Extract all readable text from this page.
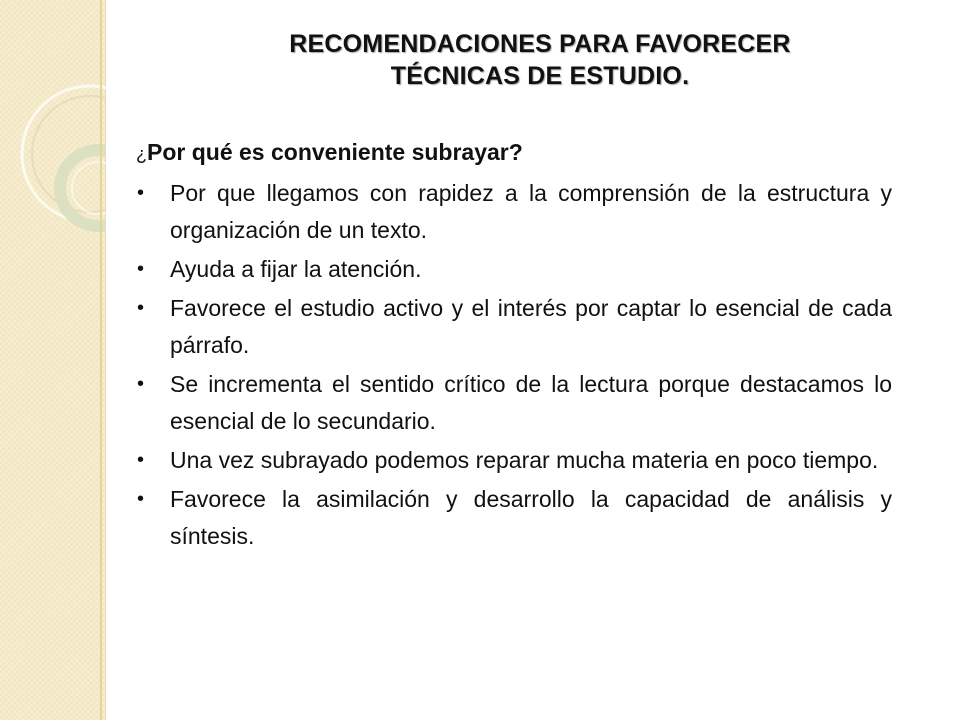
RECOMENDACIONES PARA FAVORECER
TÉCNICAS DE ESTUDIO.
¿Por qué es conveniente subrayar?
•	Por que llegamos con rapidez a la comprensión de la estructura y organización de un texto.
•	Ayuda a fijar la atención.
•	Favorece el estudio activo y el interés por captar lo esencial de cada párrafo.
•	Se incrementa el sentido crítico de la lectura porque destacamos lo esencial de lo secundario.
•	Una vez subrayado podemos reparar mucha materia en poco tiempo.
•	Favorece la asimilación y desarrollo la capacidad de análisis y síntesis.
